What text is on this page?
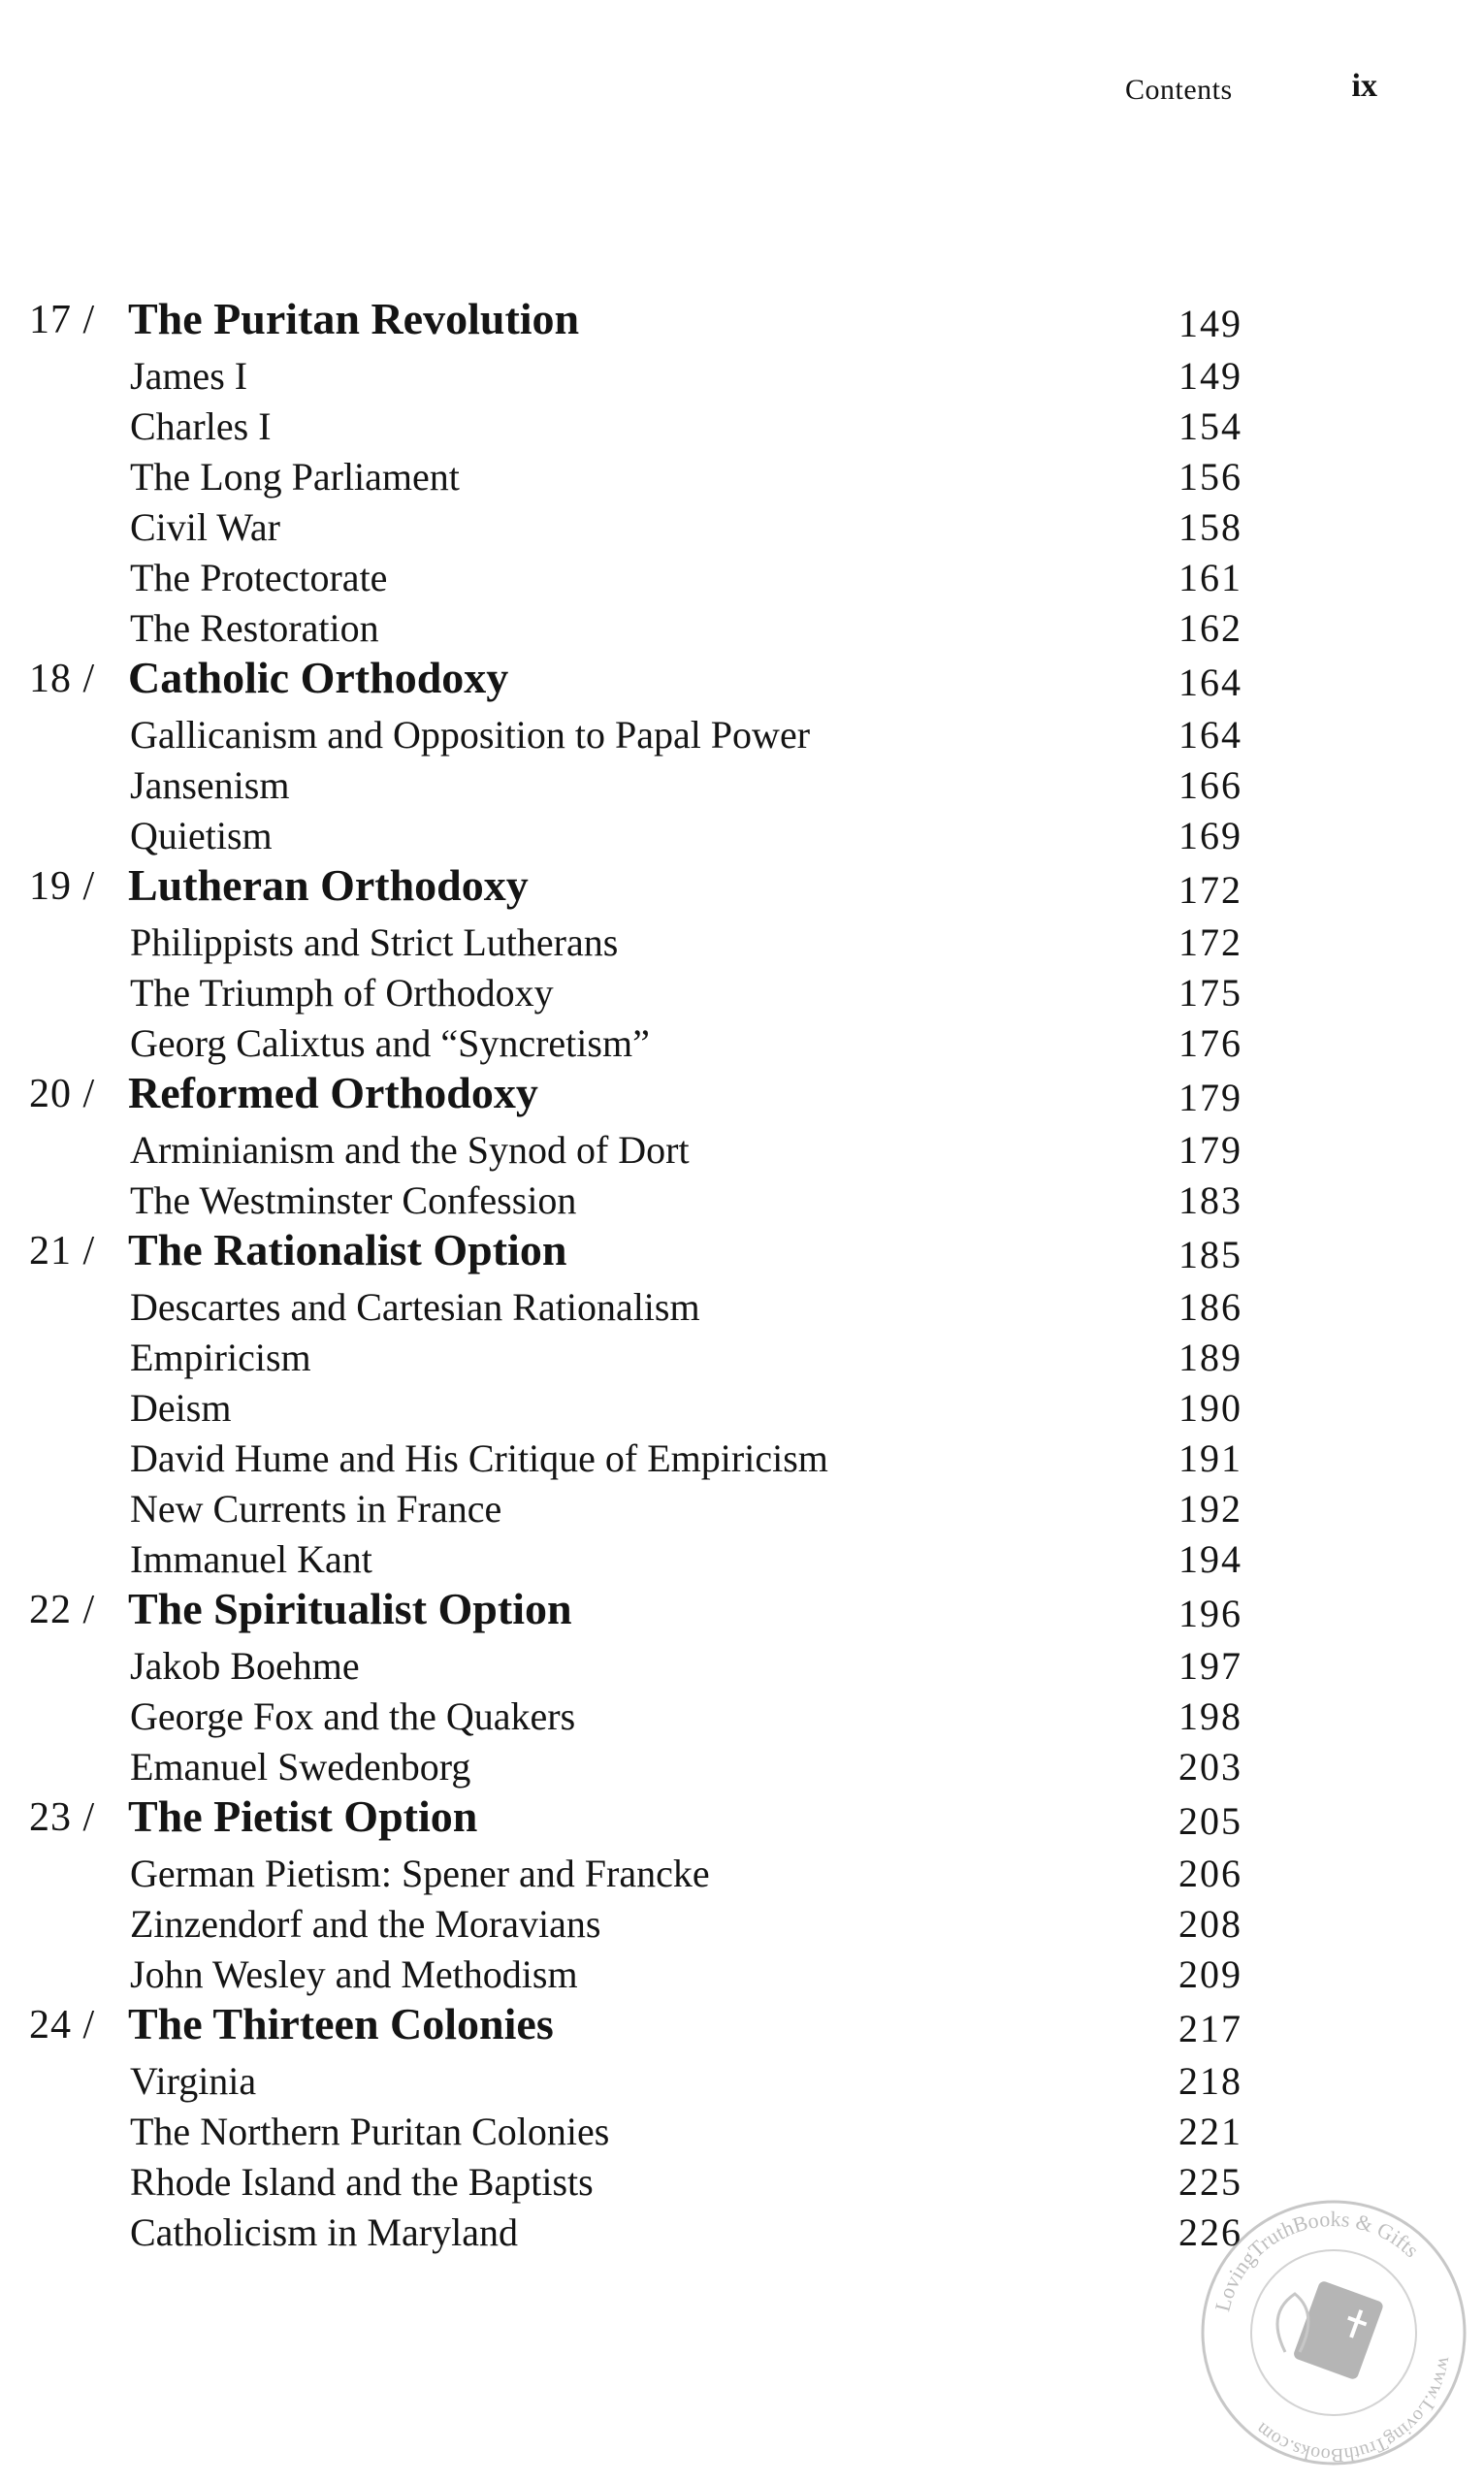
Contents	ix
17 / The Puritan Revolution	149
James I	149
Charles I	154
The Long Parliament	156
Civil War	158
The Protectorate	161
The Restoration	162
18 / Catholic Orthodoxy	164
Gallicanism and Opposition to Papal Power	164
Jansenism	166
Quietism	169
19 / Lutheran Orthodoxy	172
Philippists and Strict Lutherans	172
The Triumph of Orthodoxy	175
Georg Calixtus and “Syncretism”	176
20 / Reformed Orthodoxy	179
Arminianism and the Synod of Dort	179
The Westminster Confession	183
21 / The Rationalist Option	185
Descartes and Cartesian Rationalism	186
Empiricism	189
Deism	190
David Hume and His Critique of Empiricism	191
New Currents in France	192
Immanuel Kant	194
22 / The Spiritualist Option	196
Jakob Boehme	197
George Fox and the Quakers	198
Emanuel Swedenborg	203
23 / The Pietist Option	205
German Pietism: Spener and Francke	206
Zinzendorf and the Moravians	208
John Wesley and Methodism	209
24 / The Thirteen Colonies	217
Virginia	218
The Northern Puritan Colonies	221
Rhode Island and the Baptists	225
Catholicism in Maryland	226
LovingTruthBooks & Gifts
www.LovingTruthBooks.com
